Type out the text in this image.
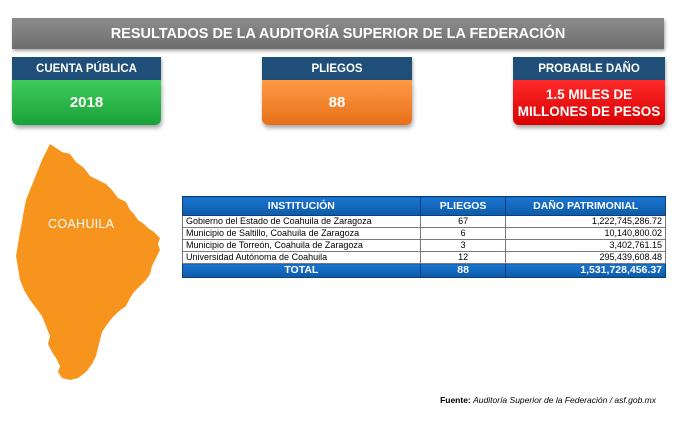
RESULTADOS DE LA AUDITORÍA SUPERIOR DE LA FEDERACIÓN
CUENTA PÚBLICA
2018
PLIEGOS
88
PROBABLE DAÑO
1.5 MILES DE
MILLONES DE PESOS
COAHUILA
INSTITUCIÓN	PLIEGOS	DAÑO PATRIMONIAL
Gobierno del Estado de Coahuila de Zaragoza	67	1,222,745,286.72
Municipio de Saltillo, Coahuila de Zaragoza	6	10,140,800.02
Municipio de Torreón, Coahuila de Zaragoza	3	3,402,761.15
Universidad Autónoma de Coahuila	12	295,439,608.48
TOTAL	88	1,531,728,456.37
Fuente: Auditoría Superior de la Federación / asf.gob.mx
